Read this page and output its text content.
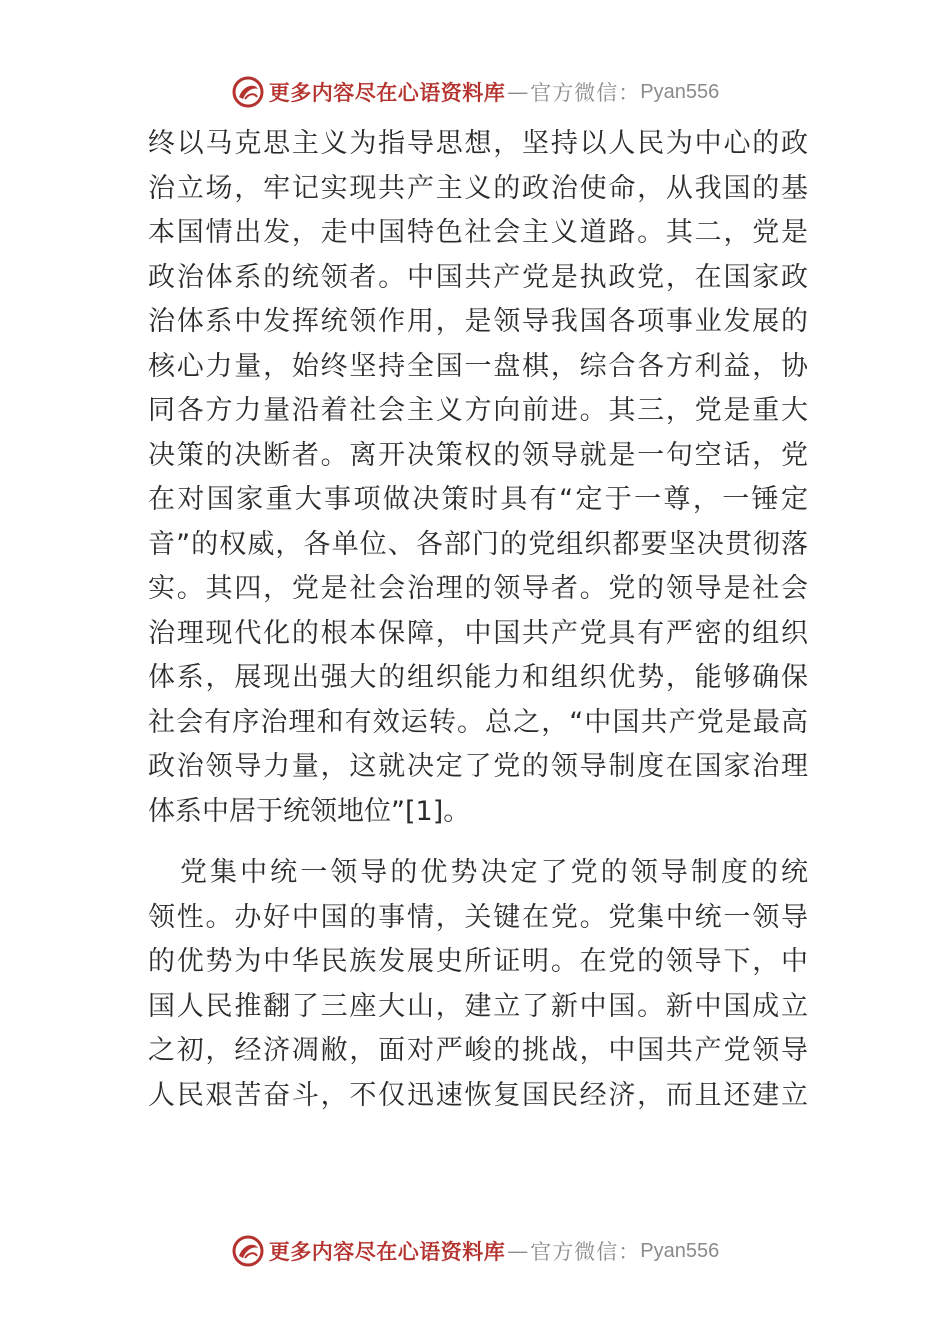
更多内容尽在心语资料库 — 官方微信： Pyan556
终以马克思主义为指导思想，坚持以人民为中心的政
治立场，牢记实现共产主义的政治使命，从我国的基
本国情出发，走中国特色社会主义道路。其二，党是
政治体系的统领者。中国共产党是执政党，在国家政
治体系中发挥统领作用，是领导我国各项事业发展的
核心力量，始终坚持全国一盘棋，综合各方利益，协
同各方力量沿着社会主义方向前进。其三，党是重大
决策的决断者。离开决策权的领导就是一句空话，党
在对国家重大事项做决策时具有“定于一尊，一锤定
音”的权威，各单位、各部门的党组织都要坚决贯彻落
实。其四，党是社会治理的领导者。党的领导是社会
治理现代化的根本保障，中国共产党具有严密的组织
体系，展现出强大的组织能力和组织优势，能够确保
社会有序治理和有效运转。总之，“中国共产党是最高
政治领导力量，这就决定了党的领导制度在国家治理
体系中居于统领地位”[1]。
党集中统一领导的优势决定了党的领导制度的统
领性。办好中国的事情，关键在党。党集中统一领导
的优势为中华民族发展史所证明。在党的领导下，中
国人民推翻了三座大山，建立了新中国。新中国成立
之初，经济凋敝，面对严峻的挑战，中国共产党领导
人民艰苦奋斗，不仅迅速恢复国民经济，而且还建立
更多内容尽在心语资料库 — 官方微信： Pyan556
